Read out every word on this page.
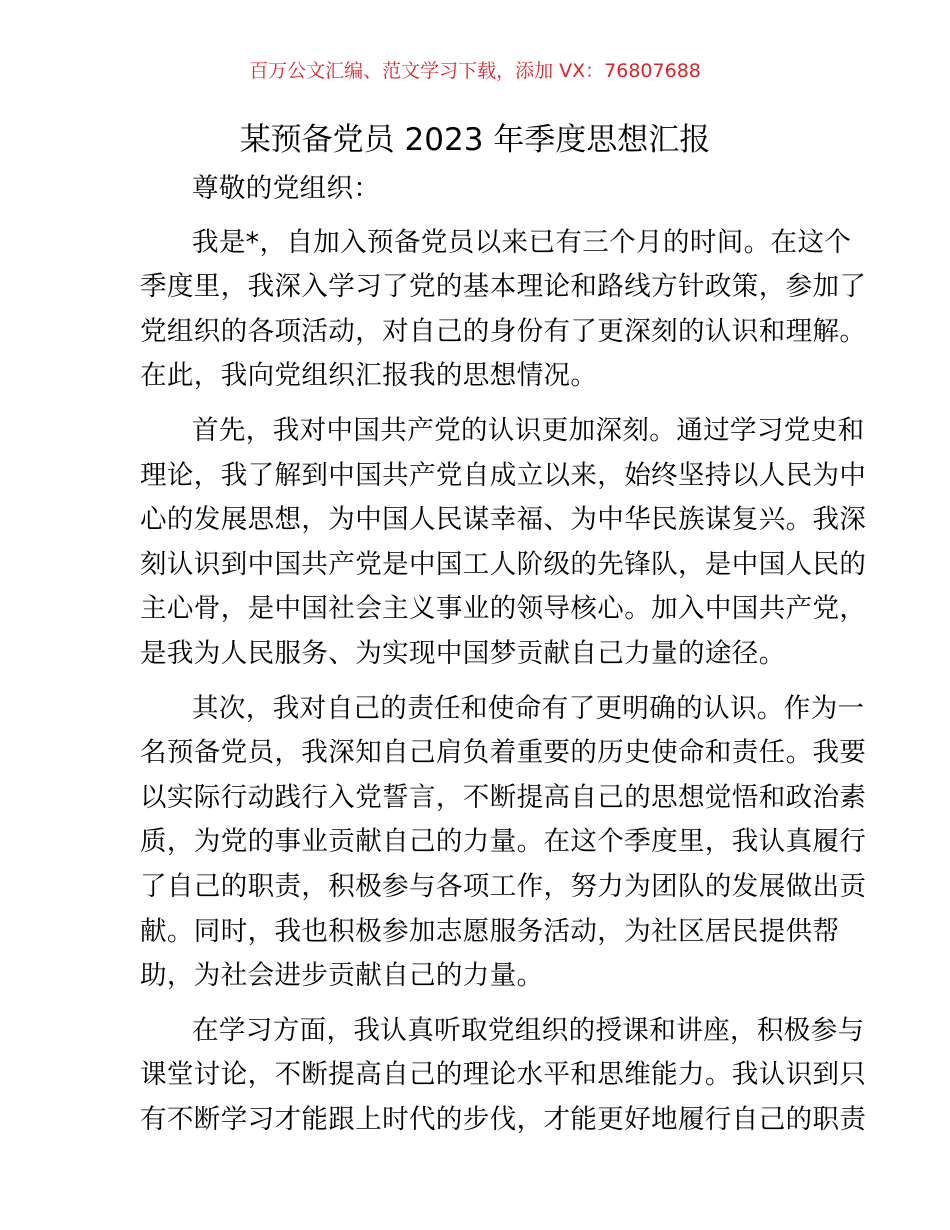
百万公文汇编、范文学习下载，添加 VX：76807688
某预备党员 2023 年季度思想汇报
尊敬的党组织：
我是*，自加入预备党员以来已有三个月的时间。在这个
季度里，我深入学习了党的基本理论和路线方针政策，参加了
党组织的各项活动，对自己的身份有了更深刻的认识和理解。
在此，我向党组织汇报我的思想情况。
首先，我对中国共产党的认识更加深刻。通过学习党史和
理论，我了解到中国共产党自成立以来，始终坚持以人民为中
心的发展思想，为中国人民谋幸福、为中华民族谋复兴。我深
刻认识到中国共产党是中国工人阶级的先锋队，是中国人民的
主心骨，是中国社会主义事业的领导核心。加入中国共产党，
是我为人民服务、为实现中国梦贡献自己力量的途径。
其次，我对自己的责任和使命有了更明确的认识。作为一
名预备党员，我深知自己肩负着重要的历史使命和责任。我要
以实际行动践行入党誓言，不断提高自己的思想觉悟和政治素
质，为党的事业贡献自己的力量。在这个季度里，我认真履行
了自己的职责，积极参与各项工作，努力为团队的发展做出贡
献。同时，我也积极参加志愿服务活动，为社区居民提供帮
助，为社会进步贡献自己的力量。
在学习方面，我认真听取党组织的授课和讲座，积极参与
课堂讨论，不断提高自己的理论水平和思维能力。我认识到只
有不断学习才能跟上时代的步伐，才能更好地履行自己的职责
